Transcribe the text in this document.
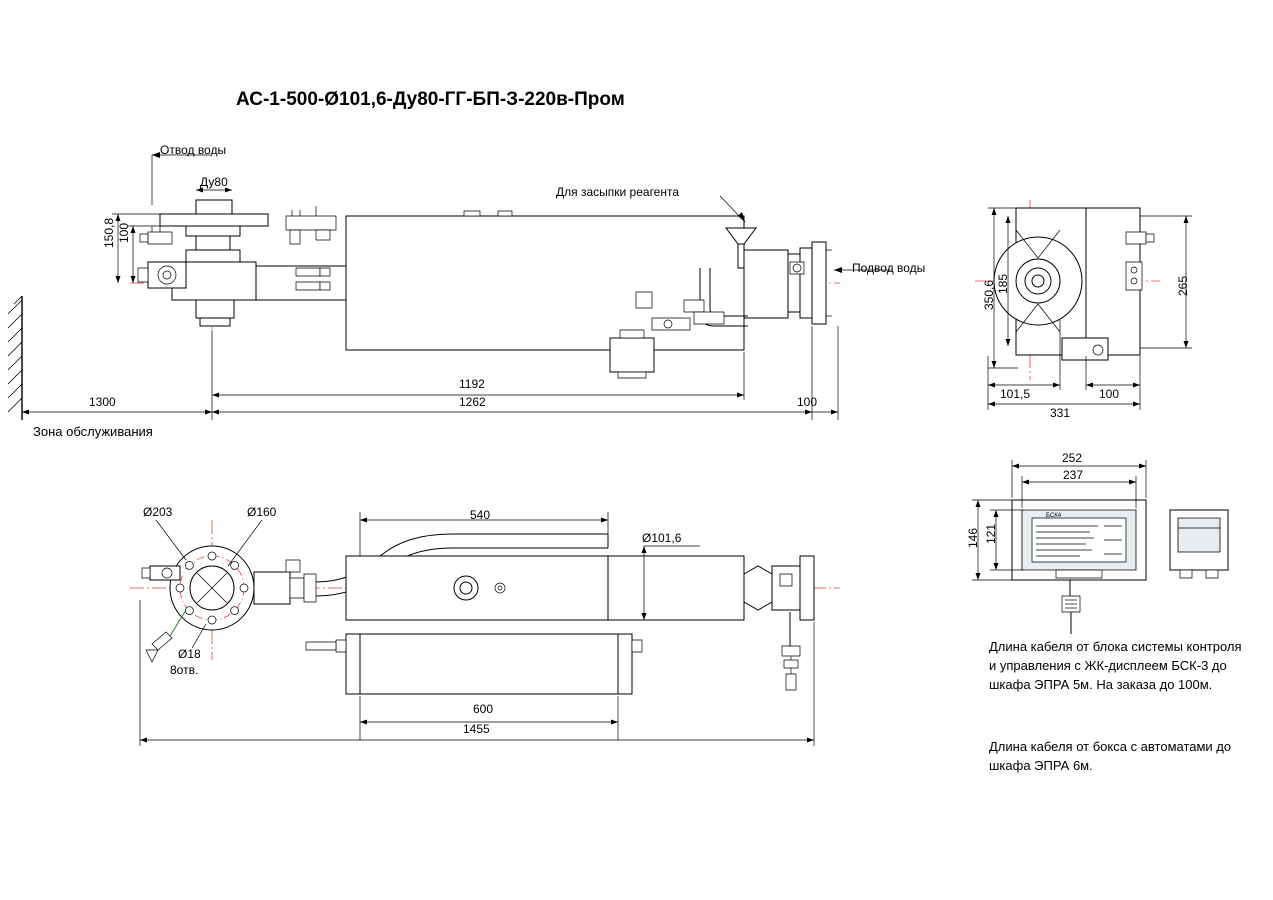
АС-1-500-Ø101,6-Ду80-ГГ-БП-З-220в-Пром
Отвод воды
Ду80
Для засыпки реагента
Подвод воды
Зона обслуживания
150,8 100
1192
1262	100
1300
350,6 185	265
101,5	100
331
Ø203	Ø160
Ø18
8отв.
540
Ø101,6
600
1455
252
237
146 121
БСК4
Длина кабеля от блока системы контроля и управления с ЖК-дисплеем БСК-3 до шкафа ЭПРА 5м. На заказа до 100м.
Длина кабеля от бокса с автоматами до шкафа ЭПРА 6м.
